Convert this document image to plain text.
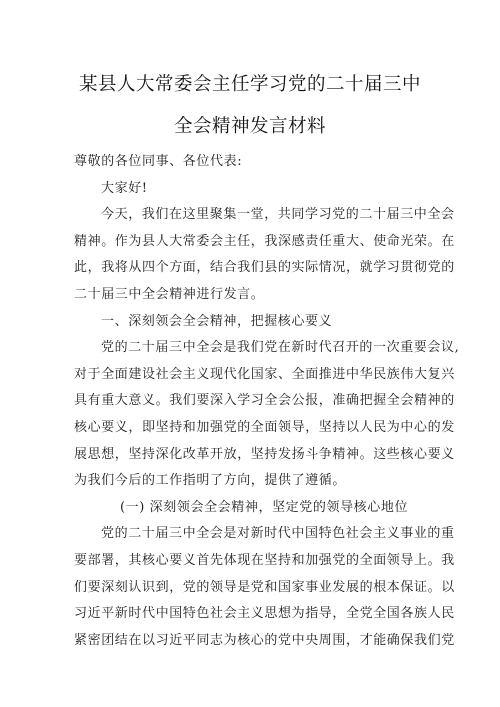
某县人大常委会主任学习党的二十届三中
全会精神发言材料
尊敬的各位同事、各位代表:
大家好!
今天，我们在这里聚集一堂，共同学习党的二十届三中全会
精神。作为县人大常委会主任，我深感责任重大、使命光荣。在
此，我将从四个方面，结合我们县的实际情况，就学习贯彻党的
二十届三中全会精神进行发言。
一、深刻领会全会精神，把握核心要义
党的二十届三中全会是我们党在新时代召开的一次重要会议,
对于全面建设社会主义现代化国家、全面推进中华民族伟大复兴
具有重大意义。我们要深入学习全会公报，准确把握全会精神的
核心要义，即坚持和加强党的全面领导，坚持以人民为中心的发
展思想，坚持深化改革开放，坚持发扬斗争精神。这些核心要义
为我们今后的工作指明了方向，提供了遵循。
(一) 深刻领会全会精神，坚定党的领导核心地位
党的二十届三中全会是对新时代中国特色社会主义事业的重
要部署，其核心要义首先体现在坚持和加强党的全面领导上。我
们要深刻认识到，党的领导是党和国家事业发展的根本保证。以
习近平新时代中国特色社会主义思想为指导，全党全国各族人民
紧密团结在以习近平同志为核心的党中央周围，才能确保我们党
